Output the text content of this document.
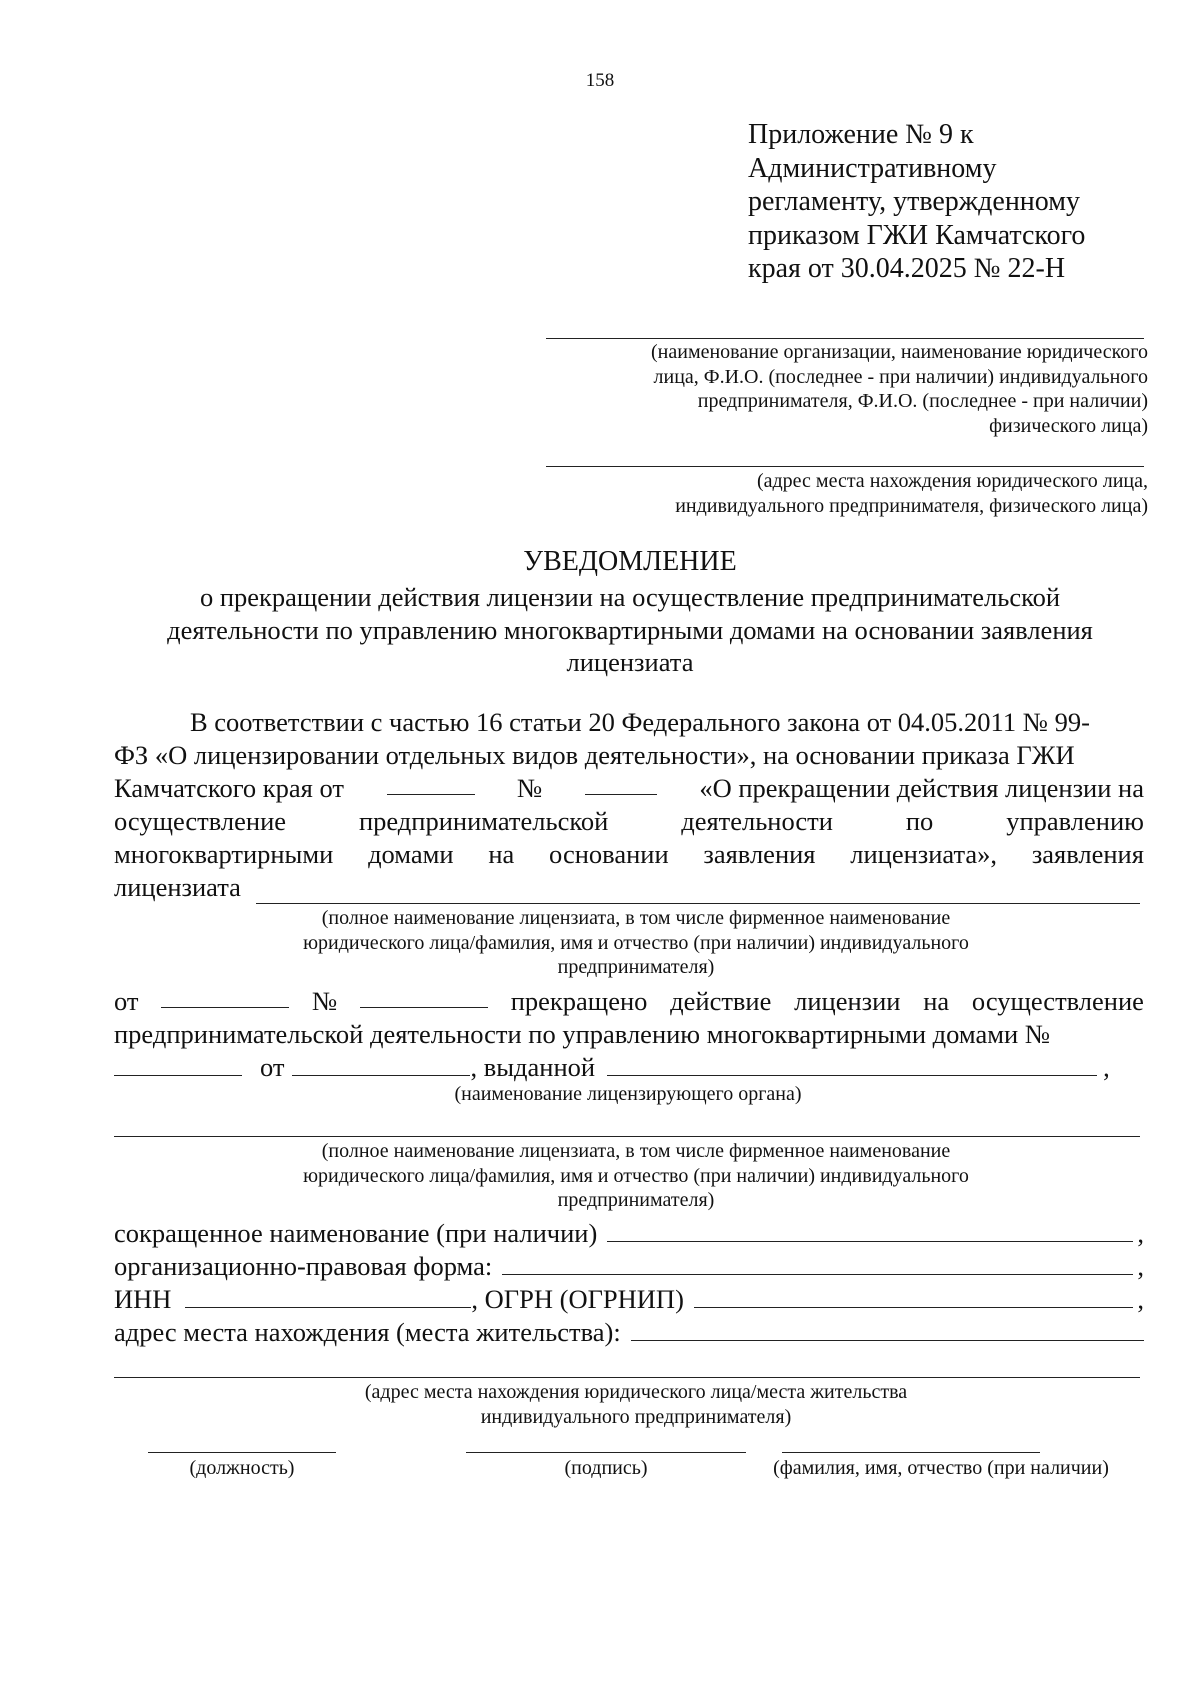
158
Приложение № 9 к
Административному
регламенту, утвержденному
приказом ГЖИ Камчатского
края от 30.04.2025 № 22-Н
(наименование организации, наименование юридического
лица, Ф.И.О. (последнее - при наличии) индивидуального
предпринимателя, Ф.И.О. (последнее - при наличии)
физического лица)
(адрес места нахождения юридического лица,
индивидуального предпринимателя, физического лица)
УВЕДОМЛЕНИЕ
о прекращении действия лицензии на осуществление предпринимательской
деятельности по управлению многоквартирными домами на основании заявления
лицензиата
В соответствии с частью 16 статьи 20 Федерального закона от 04.05.2011 № 99-
ФЗ «О лицензировании отдельных видов деятельности», на основании приказа ГЖИ
Камчатского края от	№	«О прекращении действия лицензии на
осуществление	предпринимательской	деятельности	по	управлению
многоквартирными домами на основании заявления лицензиата», заявления
лицензиата
(полное наименование лицензиата, в том числе фирменное наименование
юридического лица/фамилия, имя и отчество (при наличии) индивидуального
предпринимателя)
от	№	прекращено действие лицензии на осуществление
предпринимательской деятельности по управлению многоквартирными домами №
от	, выданной	,
(наименование лицензирующего органа)
(полное наименование лицензиата, в том числе фирменное наименование
юридического лица/фамилия, имя и отчество (при наличии) индивидуального
предпринимателя)
сокращенное наименование (при наличии)	,
организационно-правовая форма:	,
ИНН	, ОГРН (ОГРНИП)	,
адрес места нахождения (места жительства):
(адрес места нахождения юридического лица/места жительства
индивидуального предпринимателя)
(должность)	(подпись)	(фамилия, имя, отчество (при наличии)
